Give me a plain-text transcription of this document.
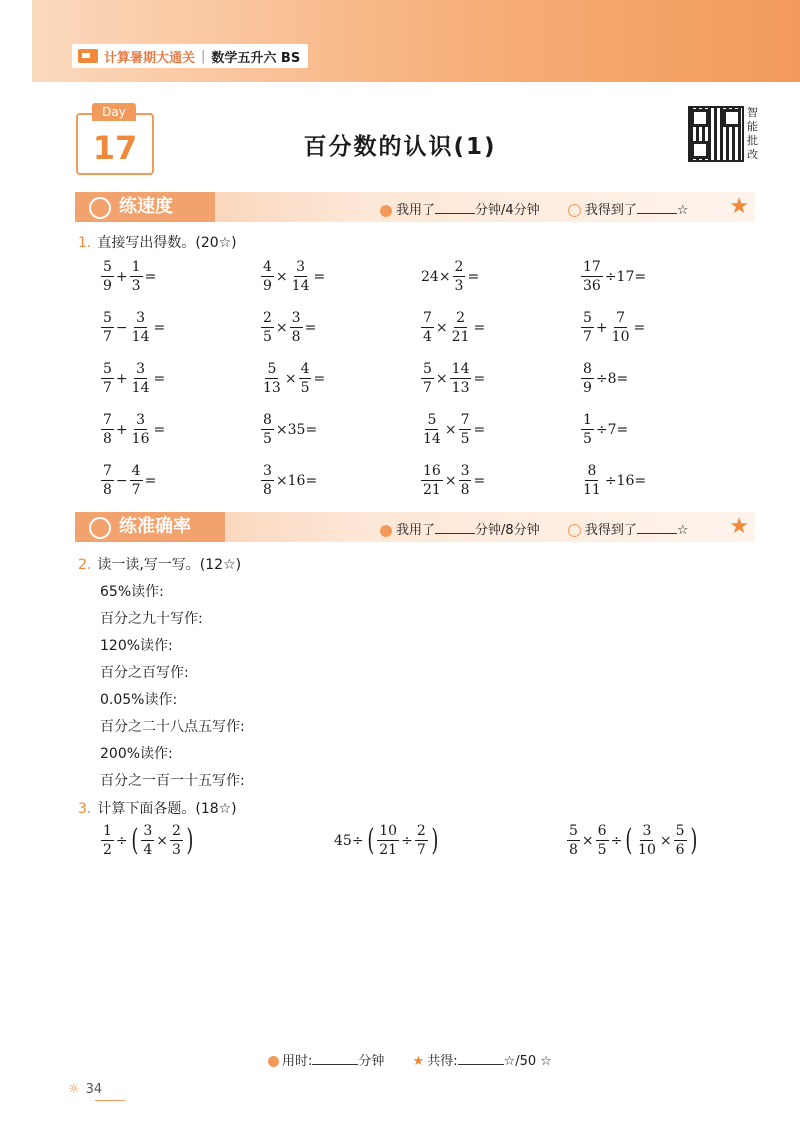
计算暑期大通关 | 数学五升六 BS
Day
17	百分数的认识(1)
智能批改
练速度	我用了	分钟/4分钟	我得到了	☆ ★
1. 直接写出得数。(20☆)
$\frac{5}{9} + \frac{1}{3}$ =	$\frac{4}{9} \times \frac{3}{14}$ =	$24\times \frac{2}{3}$ =	$\frac{17}{36} \div 17=$
$\frac{5}{7} - \frac{3}{14}$ =	$\frac{2}{5} \times \frac{3}{8}$ =	$\frac{7}{4} \times \frac{2}{21}$ =	$\frac{5}{7} + \frac{7}{10}$ =
$\frac{5}{7} + \frac{3}{14}$ =	$\frac{5}{13} \times \frac{4}{5}$ =	$\frac{5}{7} \times \frac{14}{13}$ =	$\frac{8}{9} \div 8=$
$\frac{7}{8} + \frac{3}{16}$ =	$\frac{8}{5} \times 35=$	$\frac{5}{14} \times \frac{7}{5}$ =	$\frac{1}{5} \div 7=$
$\frac{7}{8} - \frac{4}{7}$ =	$\frac{3}{8} \times 16=$	$\frac{16}{21} \times \frac{3}{8}$ =	$\frac{8}{11} \div 16=$
练准确率	我用了	分钟/8分钟	我得到了	☆ ★
2. 读一读,写一写。(12☆)
65%读作:
百分之九十写作:
120%读作:
百分之百写作:
0.05%读作:
百分之二十八点五写作:
200%读作:
百分之一百一十五写作:
3. 计算下面各题。(18☆)
$\frac{1}{2}$ ÷ ( $\frac{3}{4} \times \frac{2}{3}$ )	45÷ ( $\frac{10}{21} \div \frac{2}{7}$ )	$\frac{5}{8} \times \frac{6}{5}$ ÷ ( $\frac{3}{10} \times \frac{5}{6}$ )
用时:	分钟 ★ 共得:	☆/50 ☆
☼ 34
